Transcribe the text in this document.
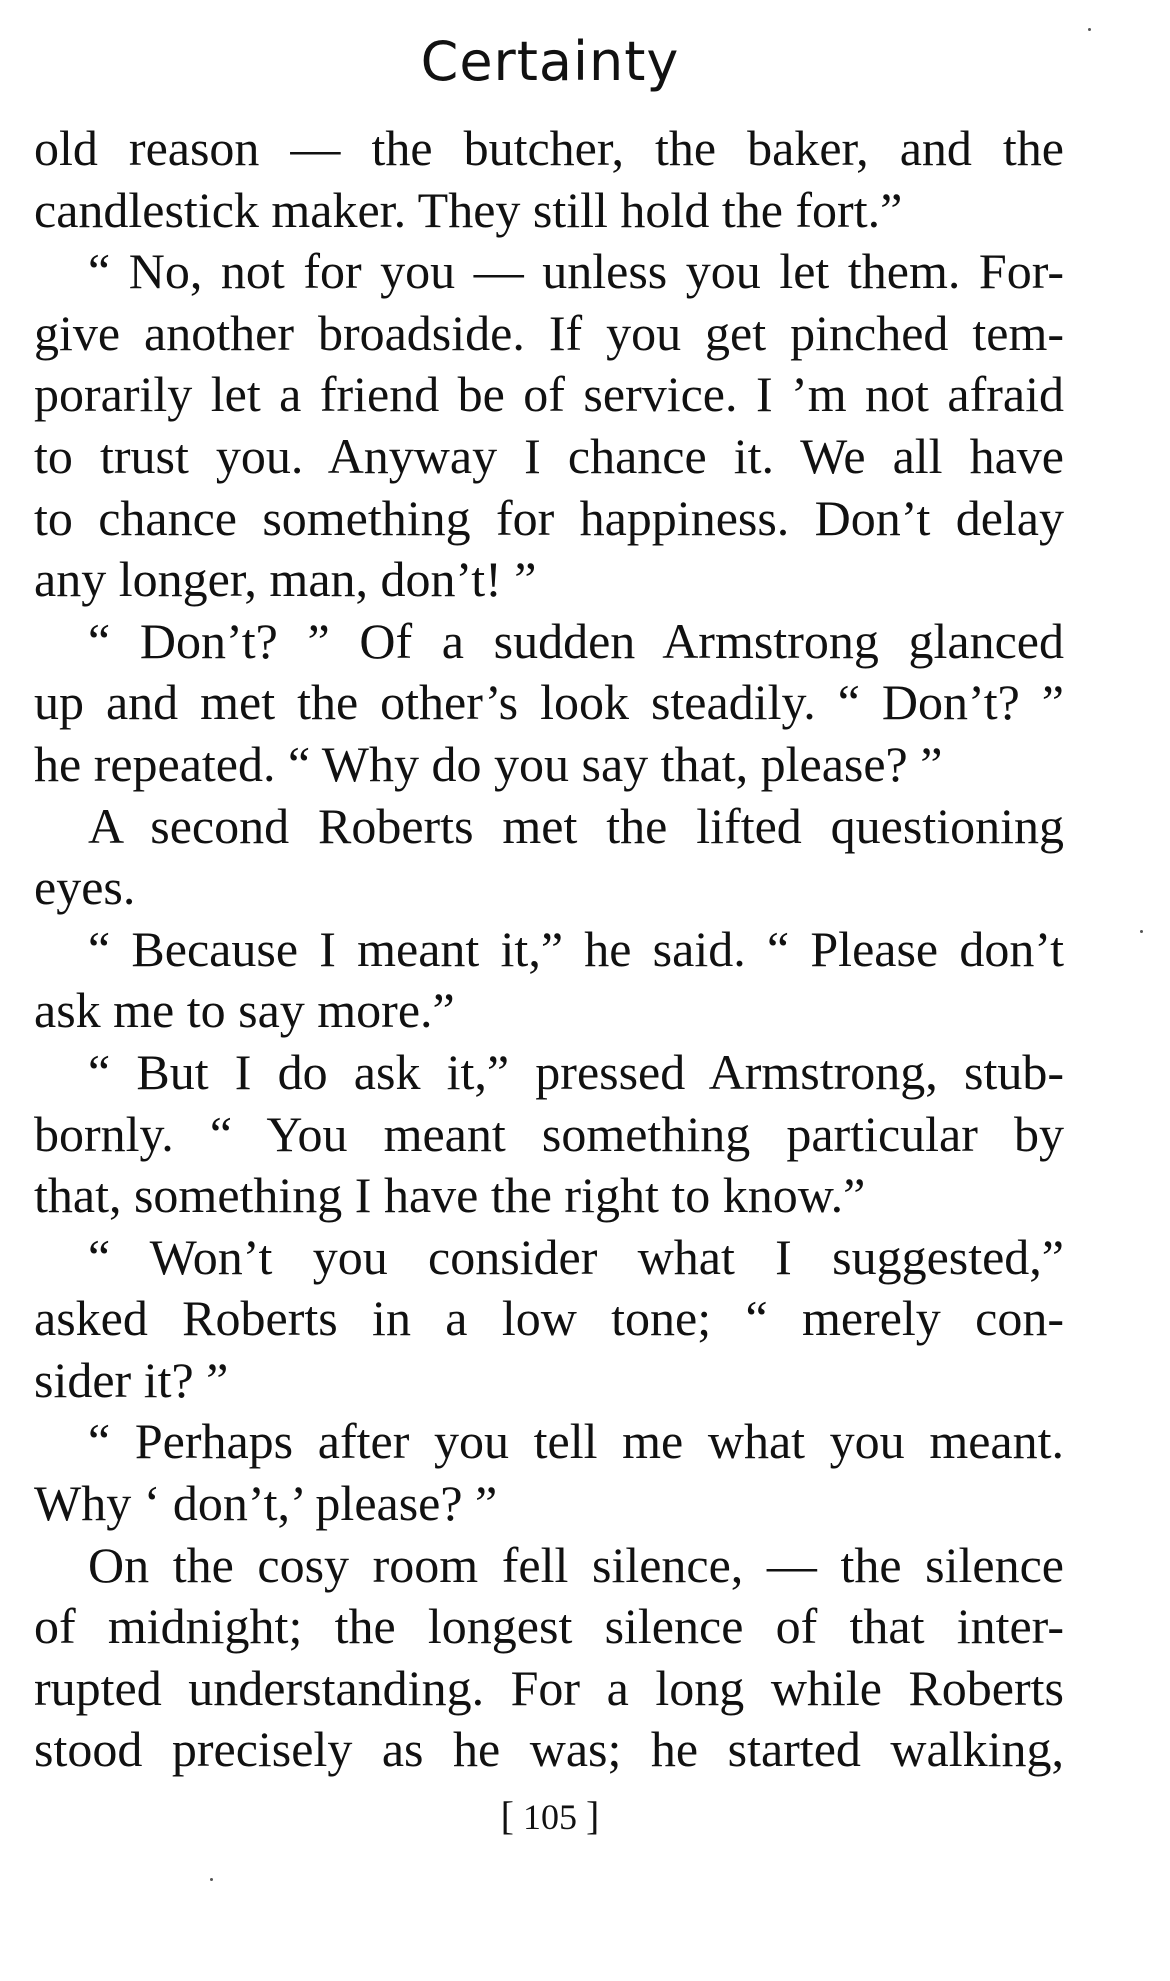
Certainty
old reason — the butcher, the baker, and the
candlestick maker. They still hold the fort.”
“ No, not for you — unless you let them. For-
give another broadside. If you get pinched tem-
porarily let a friend be of service. I ’m not afraid
to trust you. Anyway I chance it. We all have
to chance something for happiness. Don’t delay
any longer, man, don’t! ”
“ Don’t? ” Of a sudden Armstrong glanced
up and met the other’s look steadily. “ Don’t? ”
he repeated. “ Why do you say that, please? ”
A second Roberts met the lifted questioning
eyes.
“ Because I meant it,” he said. “ Please don’t
ask me to say more.”
“ But I do ask it,” pressed Armstrong, stub-
bornly. “ You meant something particular by
that, something I have the right to know.”
“ Won’t you consider what I suggested,”
asked Roberts in a low tone; “ merely con-
sider it? ”
“ Perhaps after you tell me what you meant.
Why ‘ don’t,’ please? ”
On the cosy room fell silence, — the silence
of midnight; the longest silence of that inter-
rupted understanding. For a long while Roberts
stood precisely as he was; he started walking,
[ 105 ]
